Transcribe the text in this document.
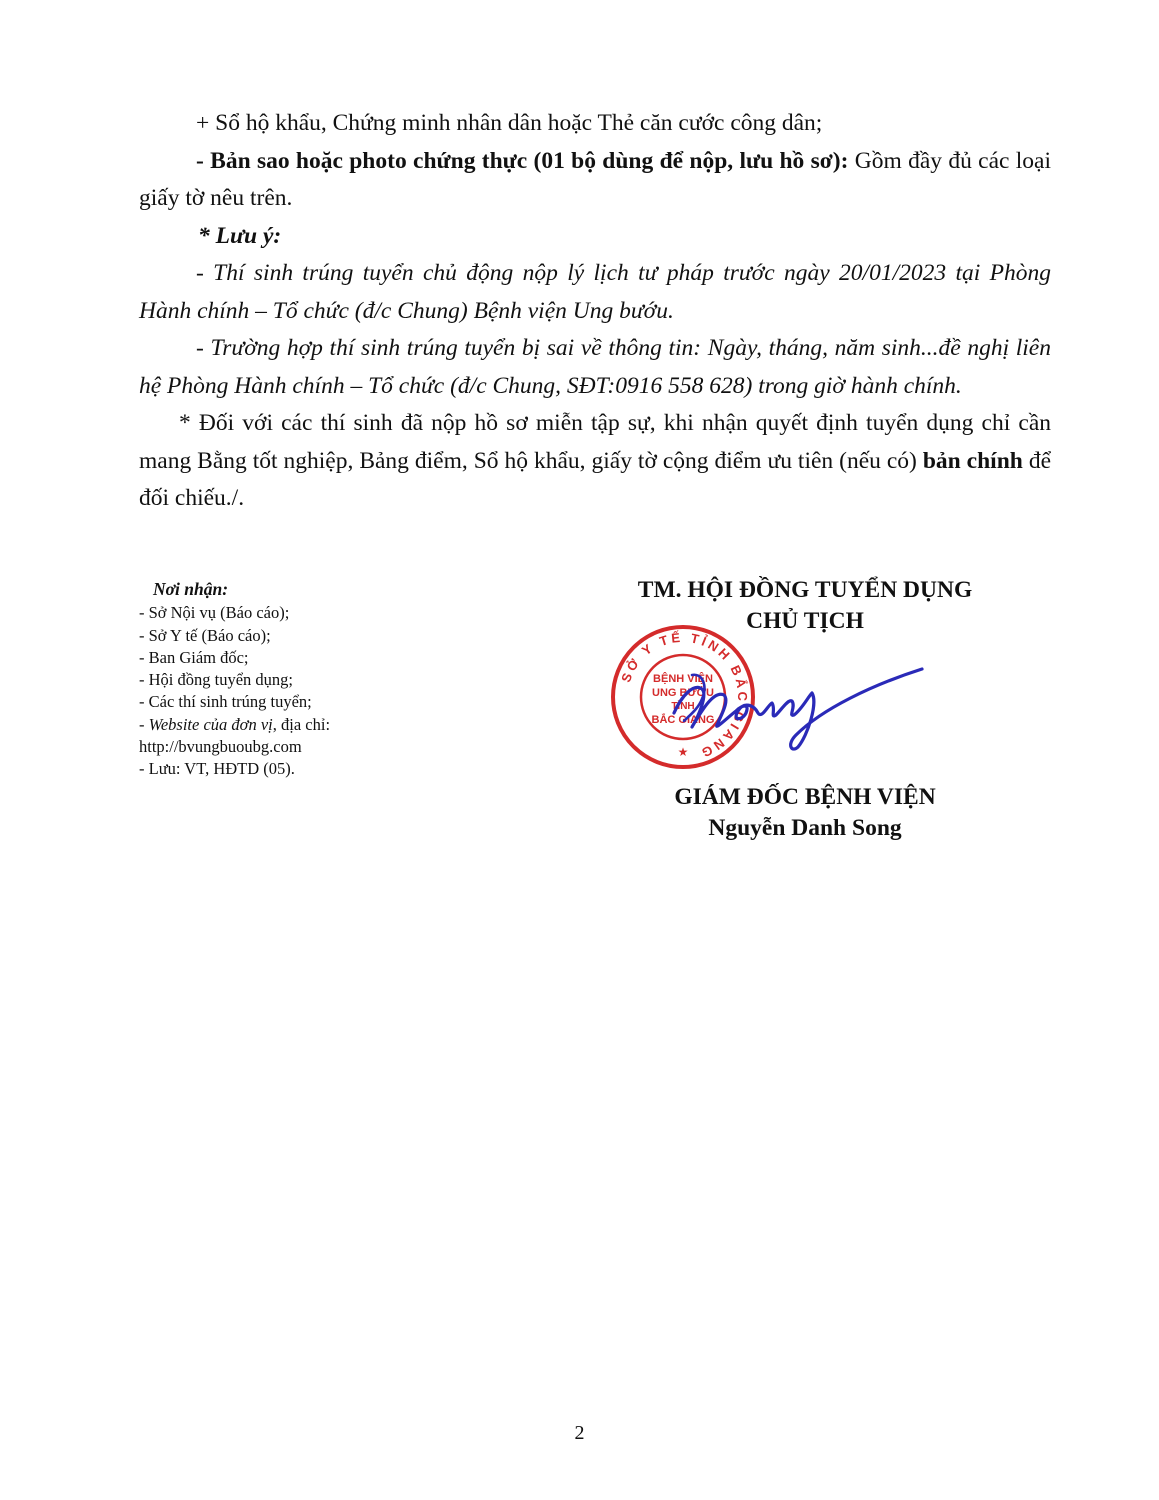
+ Sổ hộ khẩu, Chứng minh nhân dân hoặc Thẻ căn cước công dân;

- Bản sao hoặc photo chứng thực (01 bộ dùng để nộp, lưu hồ sơ): Gồm đầy đủ các loại giấy tờ nêu trên.

* Lưu ý:

- Thí sinh trúng tuyển chủ động nộp lý lịch tư pháp trước ngày 20/01/2023 tại Phòng Hành chính – Tổ chức (đ/c Chung) Bệnh viện Ung bướu.

- Trường hợp thí sinh trúng tuyển bị sai về thông tin: Ngày, tháng, năm sinh...đề nghị liên hệ Phòng Hành chính – Tổ chức (đ/c Chung, SĐT:0916 558 628) trong giờ hành chính.

* Đối với các thí sinh đã nộp hồ sơ miễn tập sự, khi nhận quyết định tuyển dụng chỉ cần mang Bằng tốt nghiệp, Bảng điểm, Sổ hộ khẩu, giấy tờ cộng điểm ưu tiên (nếu có) bản chính để đối chiếu./.

Nơi nhận:
- Sở Nội vụ (Báo cáo);
- Sở Y tế (Báo cáo);
- Ban Giám đốc;
- Hội đồng tuyển dụng;
- Các thí sinh trúng tuyển;
- Website của đơn vị, địa chỉ:
http://bvungbuoubg.com
- Lưu: VT, HĐTD (05).
TM. HỘI ĐỒNG TUYỂN DỤNG
CHỦ TỊCH
SỞ Y TẾ TỈNH BẮC GIANG
BỆNH VIỆN
UNG BƯỚU
TỈNH
BẮC GIANG
★
GIÁM ĐỐC BỆNH VIỆN
Nguyễn Danh Song
2
